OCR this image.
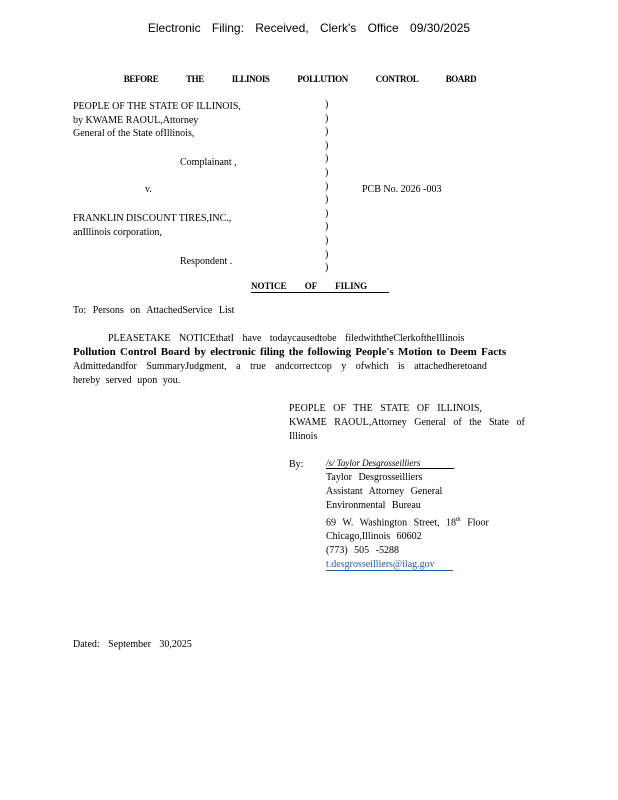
Electronic Filing: Received, Clerk's Office 09/30/2025
BEFORE THE ILLINOIS POLLUTION CONTROL BOARD
PEOPLE OF THE STATE OF ILLINOIS,
by KWAME RAOUL,Attorney
General of the State ofIllinois,
Complainant ,
v.	PCB No. 2026 -003
FRANKLIN DISCOUNT TIRES,INC.,
anIllinois corporation,
Respondent .
)
)
)
)
)
)
)
)
)
)
)
)
)
NOTICE OF FILING
To: Persons on AttachedService List
PLEASETAKE NOTICEthatI have todaycausedtobe filedwiththeClerkoftheIllinois
Pollution Control Board by electronic filing the following People's Motion to Deem Facts
Admittedandfor SummaryJudgment, a true andcorrectcop y ofwhich is attachedheretoand
hereby served upon you.
PEOPLE OF THE STATE OF ILLINOIS,
KWAME RAOUL,Attorney General of the State of
Illinois
By:	/s/ Taylor Desgrosseilliers
Taylor Desgrosseilliers
Assistant Attorney General
Environmental Bureau
69 W. Washington Street, 18th Floor
Chicago,Illinois 60602
(773) 505 -5288
t.desgrosseilliers@ilag.gov
Dated: September 30,2025
